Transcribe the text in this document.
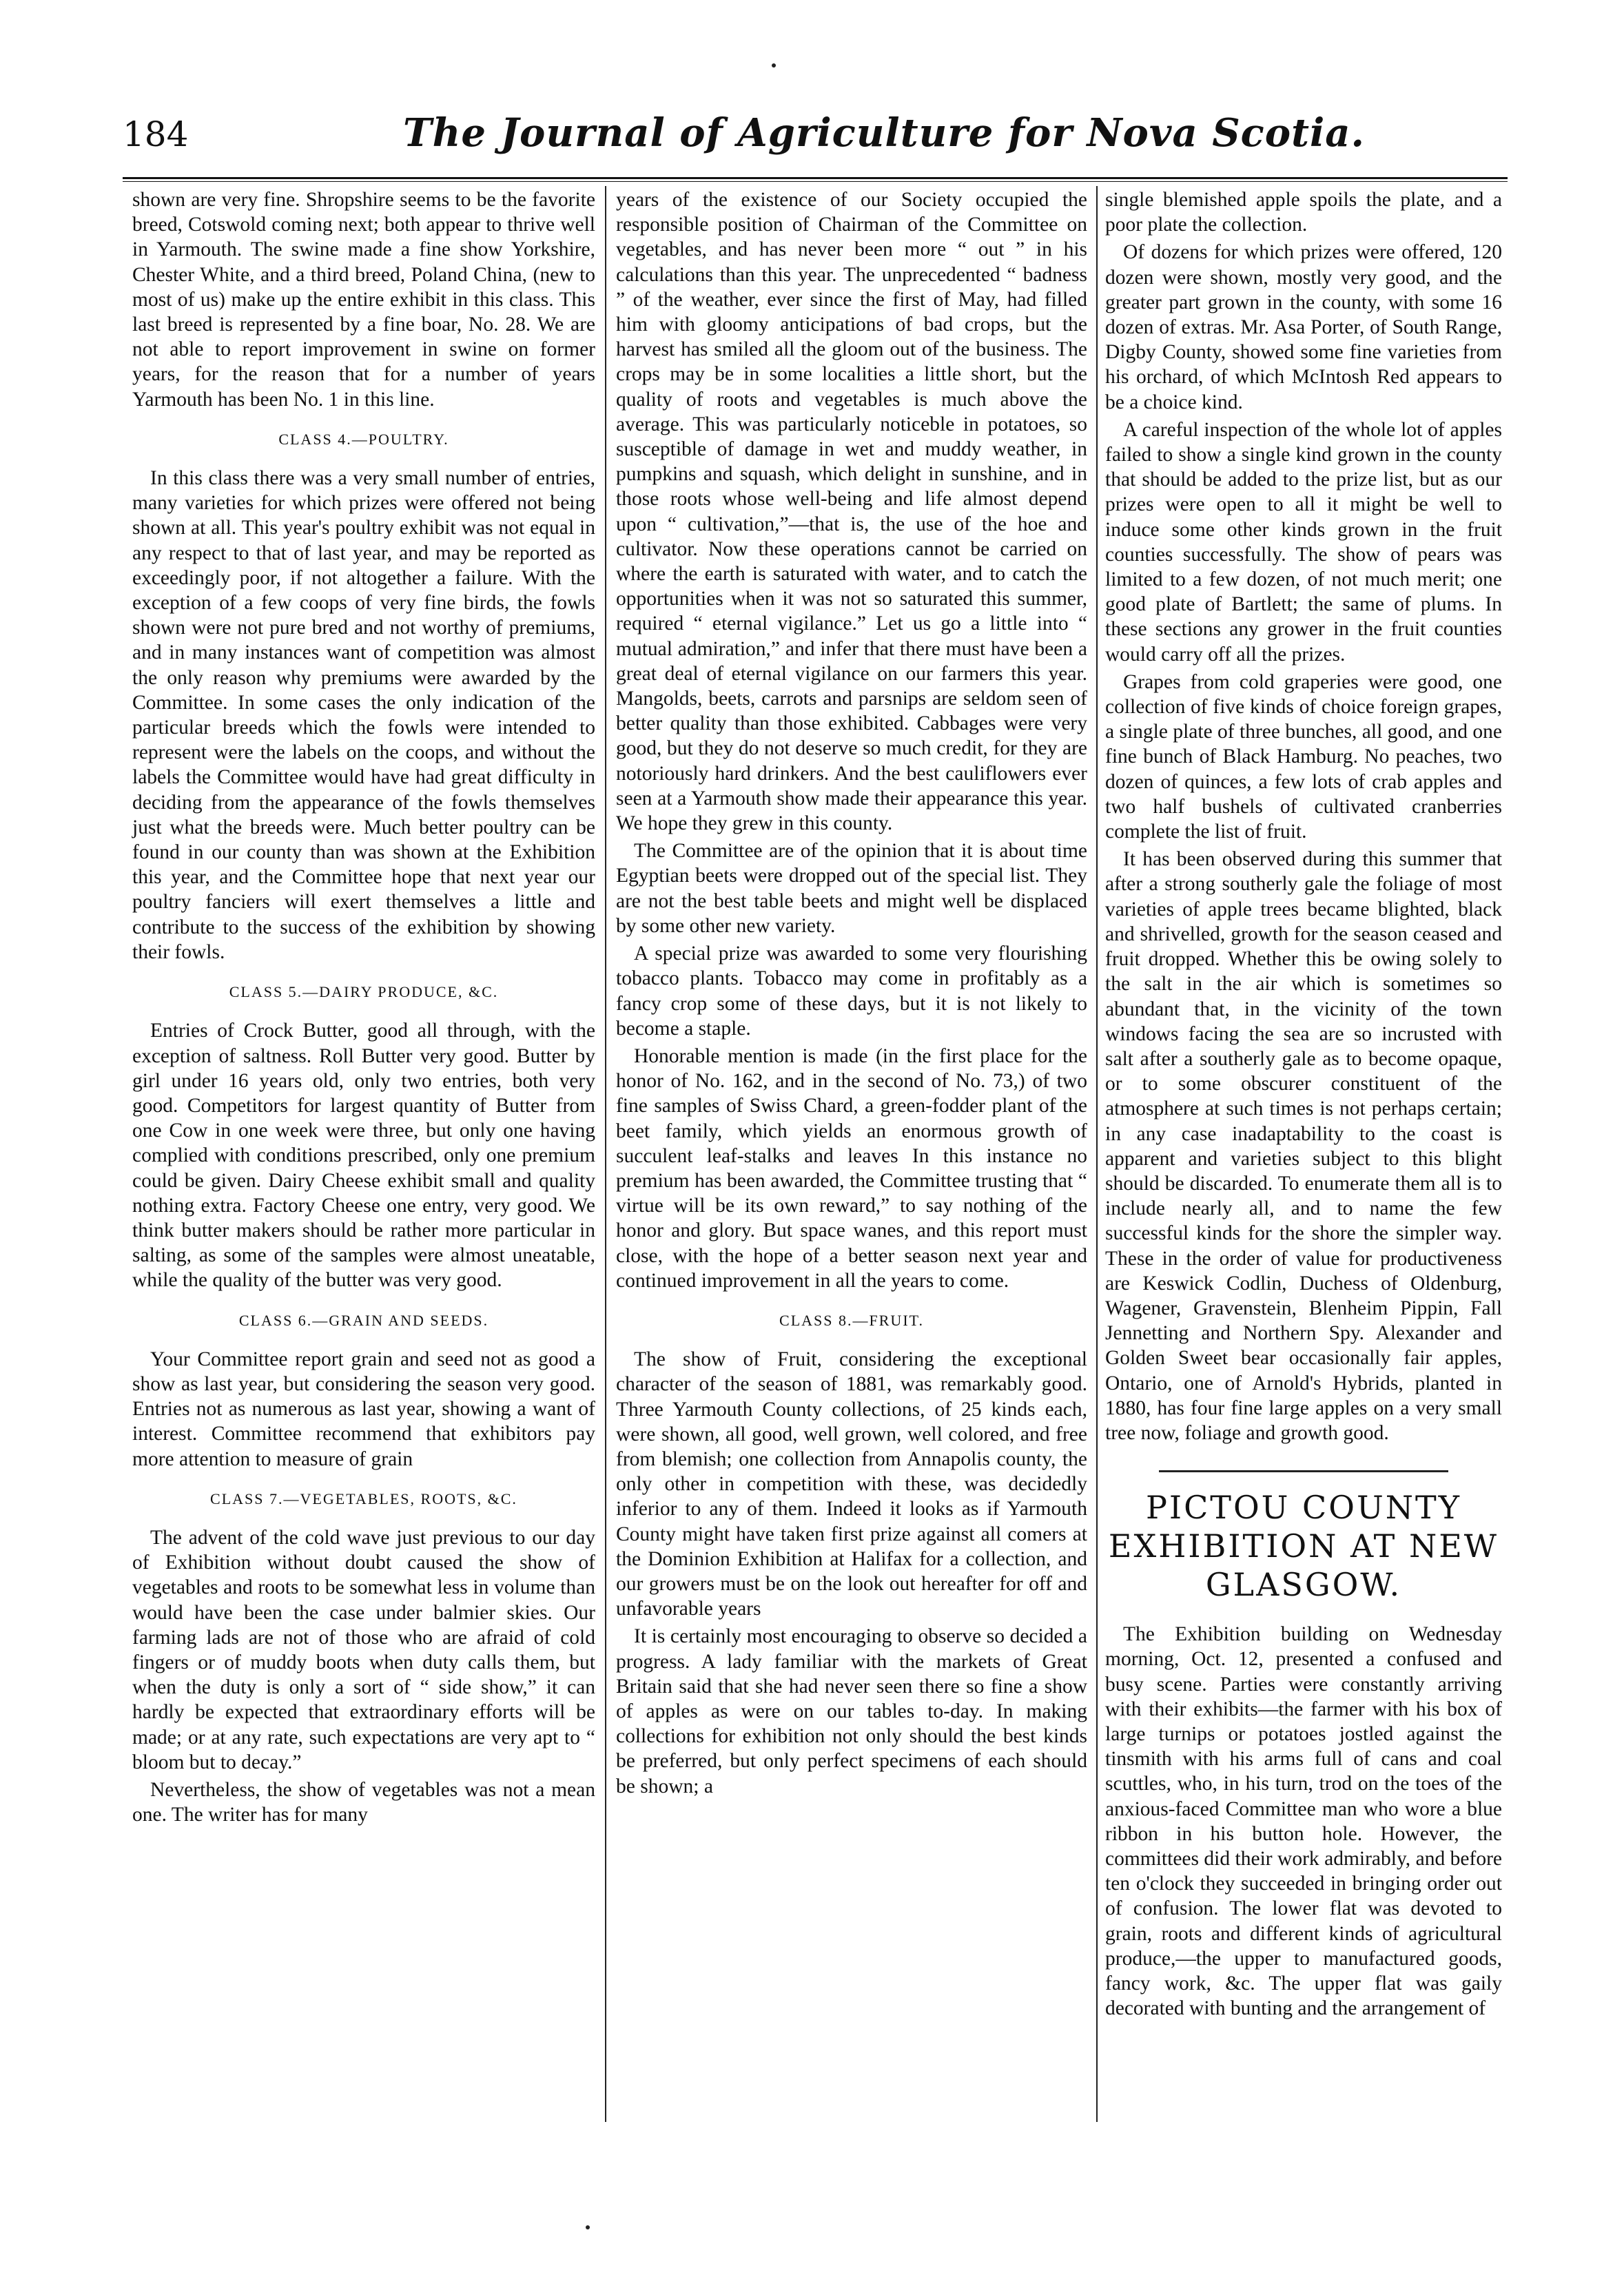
184	The Journal of Agriculture for Nova Scotia.

shown are very fine. Shropshire seems to be the favorite breed, Cotswold coming next; both appear to thrive well in Yarmouth. The swine made a fine show Yorkshire, Chester White, and a third breed, Poland China, (new to most of us) make up the entire exhibit in this class. This last breed is represented by a fine boar, No. 28. We are not able to report improvement in swine on former years, for the reason that for a number of years Yarmouth has been No. 1 in this line.

CLASS 4.—POULTRY.

In this class there was a very small number of entries, many varieties for which prizes were offered not being shown at all. This year's poultry exhibit was not equal in any respect to that of last year, and may be reported as exceedingly poor, if not altogether a failure. With the exception of a few coops of very fine birds, the fowls shown were not pure bred and not worthy of premiums, and in many instances want of competition was almost the only reason why premiums were awarded by the Committee. In some cases the only indication of the particular breeds which the fowls were intended to represent were the labels on the coops, and without the labels the Committee would have had great difficulty in deciding from the appearance of the fowls themselves just what the breeds were. Much better poultry can be found in our county than was shown at the Exhibition this year, and the Committee hope that next year our poultry fanciers will exert themselves a little and contribute to the success of the exhibition by showing their fowls.

CLASS 5.—DAIRY PRODUCE, &C.

Entries of Crock Butter, good all through, with the exception of saltness. Roll Butter very good. Butter by girl under 16 years old, only two entries, both very good. Competitors for largest quantity of Butter from one Cow in one week were three, but only one having complied with conditions prescribed, only one premium could be given. Dairy Cheese exhibit small and quality nothing extra. Factory Cheese one entry, very good. We think butter makers should be rather more particular in salting, as some of the samples were almost uneatable, while the quality of the butter was very good.

CLASS 6.—GRAIN AND SEEDS.

Your Committee report grain and seed not as good a show as last year, but considering the season very good. Entries not as numerous as last year, showing a want of interest. Committee recommend that exhibitors pay more attention to measure of grain

CLASS 7.—VEGETABLES, ROOTS, &C.

The advent of the cold wave just previous to our day of Exhibition without doubt caused the show of vegetables and roots to be somewhat less in volume than would have been the case under balmier skies. Our farming lads are not of those who are afraid of cold fingers or of muddy boots when duty calls them, but when the duty is only a sort of “ side show,” it can hardly be expected that extraordinary efforts will be made; or at any rate, such expectations are very apt to “ bloom but to decay.”

Nevertheless, the show of vegetables was not a mean one. The writer has for many

years of the existence of our Society occupied the responsible position of Chairman of the Committee on vegetables, and has never been more “ out ” in his calculations than this year. The unprecedented “ badness ” of the weather, ever since the first of May, had filled him with gloomy anticipations of bad crops, but the harvest has smiled all the gloom out of the business. The crops may be in some localities a little short, but the quality of roots and vegetables is much above the average. This was particularly noticeble in potatoes, so susceptible of damage in wet and muddy weather, in pumpkins and squash, which delight in sunshine, and in those roots whose well-being and life almost depend upon “ cultivation,”—that is, the use of the hoe and cultivator. Now these operations cannot be carried on where the earth is saturated with water, and to catch the opportunities when it was not so saturated this summer, required “ eternal vigilance.” Let us go a little into “ mutual admiration,” and infer that there must have been a great deal of eternal vigilance on our farmers this year. Mangolds, beets, carrots and parsnips are seldom seen of better quality than those exhibited. Cabbages were very good, but they do not deserve so much credit, for they are notoriously hard drinkers. And the best cauliflowers ever seen at a Yarmouth show made their appearance this year. We hope they grew in this county.

The Committee are of the opinion that it is about time Egyptian beets were dropped out of the special list. They are not the best table beets and might well be displaced by some other new variety.

A special prize was awarded to some very flourishing tobacco plants. Tobacco may come in profitably as a fancy crop some of these days, but it is not likely to become a staple.

Honorable mention is made (in the first place for the honor of No. 162, and in the second of No. 73,) of two fine samples of Swiss Chard, a green-fodder plant of the beet family, which yields an enormous growth of succulent leaf-stalks and leaves In this instance no premium has been awarded, the Committee trusting that “ virtue will be its own reward,” to say nothing of the honor and glory. But space wanes, and this report must close, with the hope of a better season next year and continued improvement in all the years to come.

CLASS 8.—FRUIT.

The show of Fruit, considering the exceptional character of the season of 1881, was remarkably good. Three Yarmouth County collections, of 25 kinds each, were shown, all good, well grown, well colored, and free from blemish; one collection from Annapolis county, the only other in competition with these, was decidedly inferior to any of them. Indeed it looks as if Yarmouth County might have taken first prize against all comers at the Dominion Exhibition at Halifax for a collection, and our growers must be on the look out hereafter for off and unfavorable years

It is certainly most encouraging to observe so decided a progress. A lady familiar with the markets of Great Britain said that she had never seen there so fine a show of apples as were on our tables to-day. In making collections for exhibition not only should the best kinds be preferred, but only perfect specimens of each should be shown; a

single blemished apple spoils the plate, and a poor plate the collection.

Of dozens for which prizes were offered, 120 dozen were shown, mostly very good, and the greater part grown in the county, with some 16 dozen of extras. Mr. Asa Porter, of South Range, Digby County, showed some fine varieties from his orchard, of which McIntosh Red appears to be a choice kind.

A careful inspection of the whole lot of apples failed to show a single kind grown in the county that should be added to the prize list, but as our prizes were open to all it might be well to induce some other kinds grown in the fruit counties successfully. The show of pears was limited to a few dozen, of not much merit; one good plate of Bartlett; the same of plums. In these sections any grower in the fruit counties would carry off all the prizes.

Grapes from cold graperies were good, one collection of five kinds of choice foreign grapes, a single plate of three bunches, all good, and one fine bunch of Black Hamburg. No peaches, two dozen of quinces, a few lots of crab apples and two half bushels of cultivated cranberries complete the list of fruit.

It has been observed during this summer that after a strong southerly gale the foliage of most varieties of apple trees became blighted, black and shrivelled, growth for the season ceased and fruit dropped. Whether this be owing solely to the salt in the air which is sometimes so abundant that, in the vicinity of the town windows facing the sea are so incrusted with salt after a southerly gale as to become opaque, or to some obscurer constituent of the atmosphere at such times is not perhaps certain; in any case inadaptability to the coast is apparent and varieties subject to this blight should be discarded. To enumerate them all is to include nearly all, and to name the few successful kinds for the shore the simpler way. These in the order of value for productiveness are Keswick Codlin, Duchess of Oldenburg, Wagener, Gravenstein, Blenheim Pippin, Fall Jennetting and Northern Spy. Alexander and Golden Sweet bear occasionally fair apples, Ontario, one of Arnold's Hybrids, planted in 1880, has four fine large apples on a very small tree now, foliage and growth good.

PICTOU COUNTY EXHIBITION AT NEW GLASGOW.

The Exhibition building on Wednesday morning, Oct. 12, presented a confused and busy scene. Parties were constantly arriving with their exhibits—the farmer with his box of large turnips or potatoes jostled against the tinsmith with his arms full of cans and coal scuttles, who, in his turn, trod on the toes of the anxious-faced Committee man who wore a blue ribbon in his button hole. However, the committees did their work admirably, and before ten o'clock they succeeded in bringing order out of confusion. The lower flat was devoted to grain, roots and different kinds of agricultural produce,—the upper to manufactured goods, fancy work, &c. The upper flat was gaily decorated with bunting and the arrangement of
